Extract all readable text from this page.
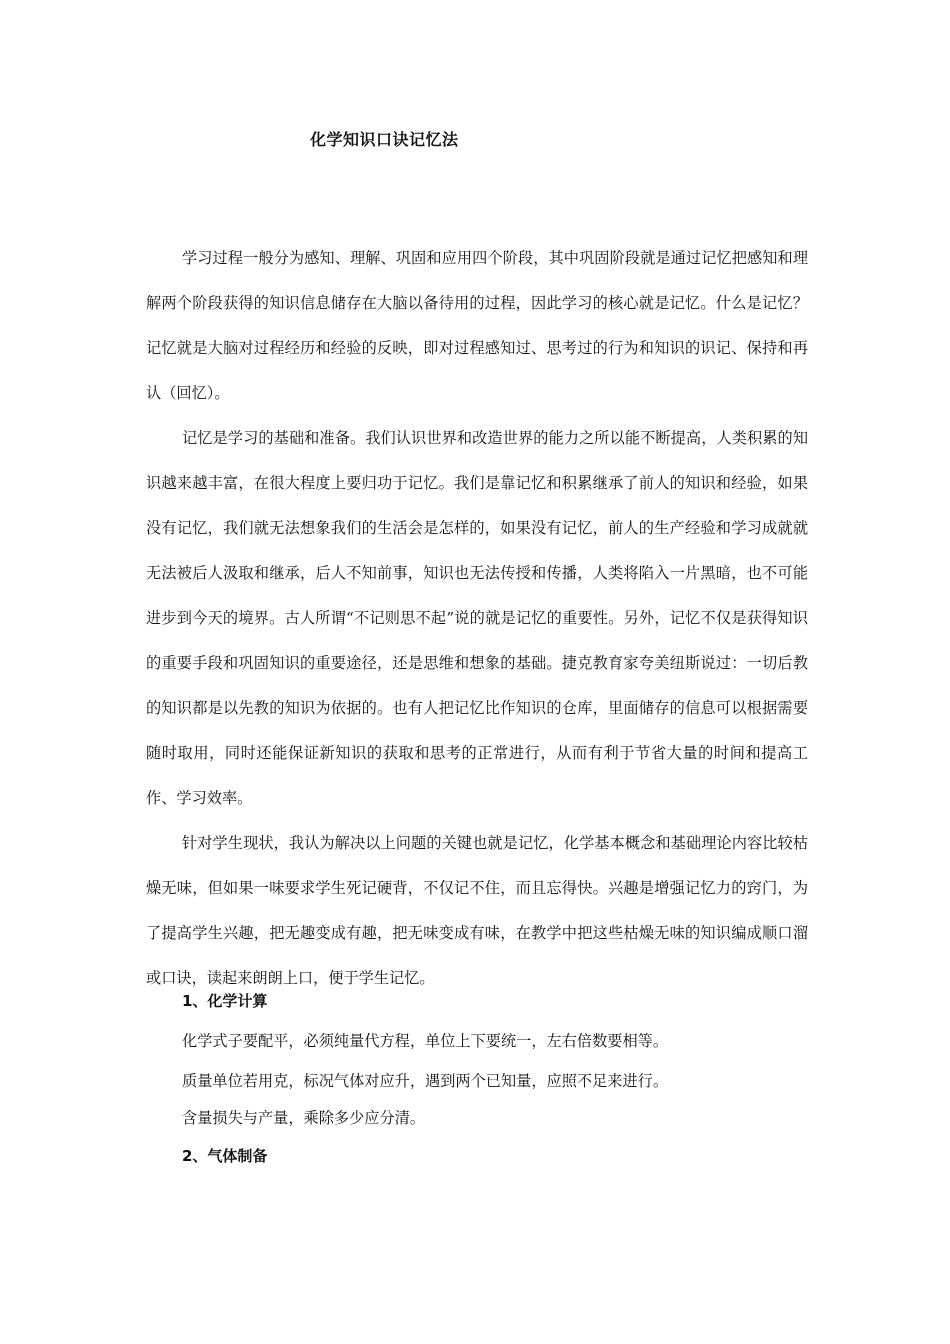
化学知识口诀记忆法

学习过程一般分为感知、理解、巩固和应用四个阶段，其中巩固阶段就是通过记忆把感知和理解两个阶段获得的知识信息储存在大脑以备待用的过程，因此学习的核心就是记忆。什么是记忆？记忆就是大脑对过程经历和经验的反映，即对过程感知过、思考过的行为和知识的识记、保持和再认（回忆）。

记忆是学习的基础和准备。我们认识世界和改造世界的能力之所以能不断提高，人类积累的知识越来越丰富，在很大程度上要归功于记忆。我们是靠记忆和积累继承了前人的知识和经验，如果没有记忆，我们就无法想象我们的生活会是怎样的，如果没有记忆，前人的生产经验和学习成就就无法被后人汲取和继承，后人不知前事，知识也无法传授和传播，人类将陷入一片黑暗，也不可能进步到今天的境界。古人所谓“不记则思不起”说的就是记忆的重要性。另外，记忆不仅是获得知识的重要手段和巩固知识的重要途径，还是思维和想象的基础。捷克教育家夸美纽斯说过：一切后教的知识都是以先教的知识为依据的。也有人把记忆比作知识的仓库，里面储存的信息可以根据需要随时取用，同时还能保证新知识的获取和思考的正常进行，从而有利于节省大量的时间和提高工作、学习效率。

针对学生现状，我认为解决以上问题的关键也就是记忆，化学基本概念和基础理论内容比较枯燥无味，但如果一味要求学生死记硬背，不仅记不住，而且忘得快。兴趣是增强记忆力的窍门，为了提高学生兴趣，把无趣变成有趣，把无味变成有味，在教学中把这些枯燥无味的知识编成顺口溜或口诀，读起来朗朗上口，便于学生记忆。

1、化学计算
化学式子要配平，必须纯量代方程，单位上下要统一，左右倍数要相等。
质量单位若用克，标况气体对应升，遇到两个已知量，应照不足来进行。
含量损失与产量，乘除多少应分清。
2、气体制备
